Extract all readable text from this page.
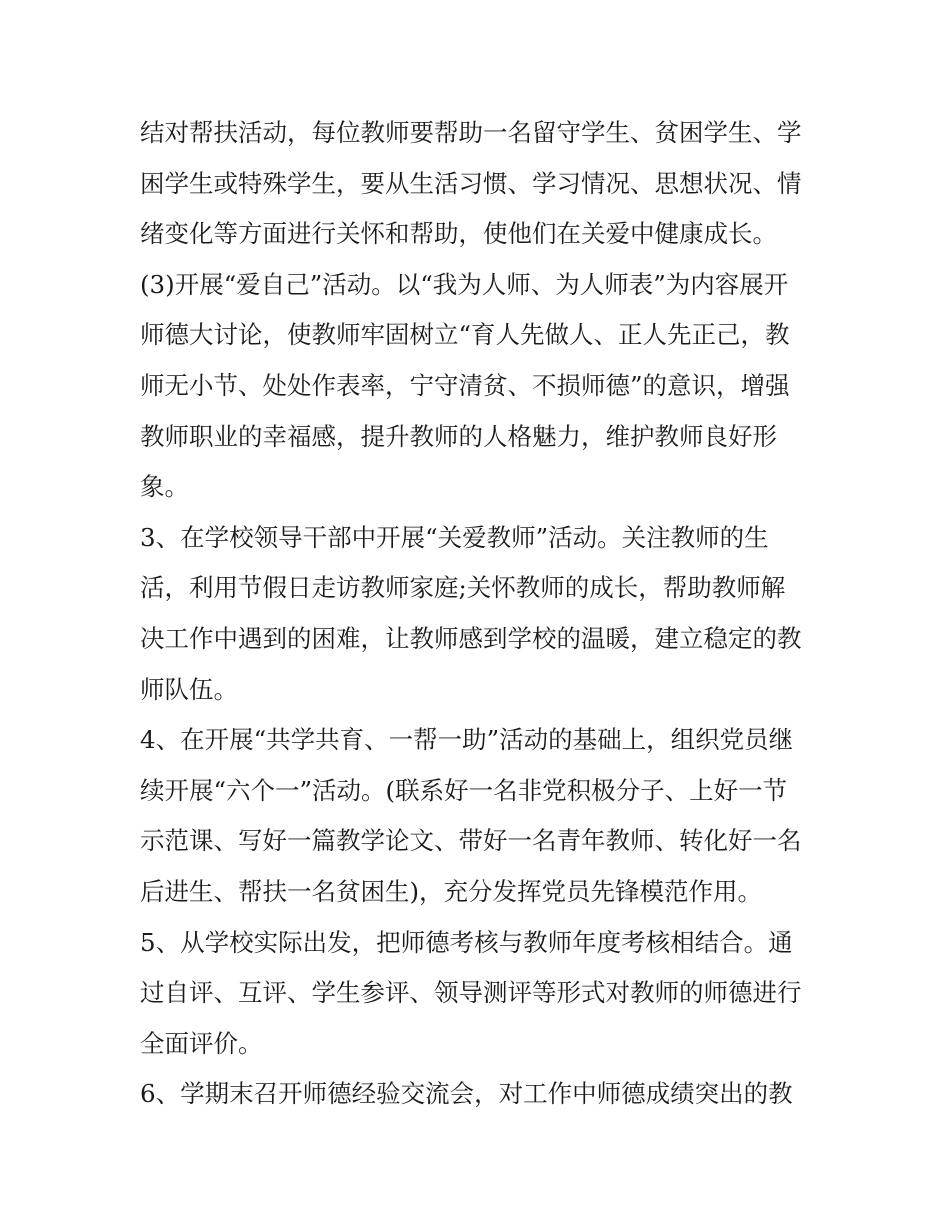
结对帮扶活动，每位教师要帮助一名留守学生、贫困学生、学
困学生或特殊学生，要从生活习惯、学习情况、思想状况、情
绪变化等方面进行关怀和帮助，使他们在关爱中健康成长。
(3)开展“爱自己”活动。以“我为人师、为人师表”为内容展开
师德大讨论，使教师牢固树立“育人先做人、正人先正己，教
师无小节、处处作表率，宁守清贫、不损师德”的意识，增强
教师职业的幸福感，提升教师的人格魅力，维护教师良好形
象。
3、在学校领导干部中开展“关爱教师”活动。关注教师的生
活，利用节假日走访教师家庭;关怀教师的成长，帮助教师解
决工作中遇到的困难，让教师感到学校的温暖，建立稳定的教
师队伍。
4、在开展“共学共育、一帮一助”活动的基础上，组织党员继
续开展“六个一”活动。(联系好一名非党积极分子、上好一节
示范课、写好一篇教学论文、带好一名青年教师、转化好一名
后进生、帮扶一名贫困生)，充分发挥党员先锋模范作用。
5、从学校实际出发，把师德考核与教师年度考核相结合。通
过自评、互评、学生参评、领导测评等形式对教师的师德进行
全面评价。
6、学期末召开师德经验交流会，对工作中师德成绩突出的教
